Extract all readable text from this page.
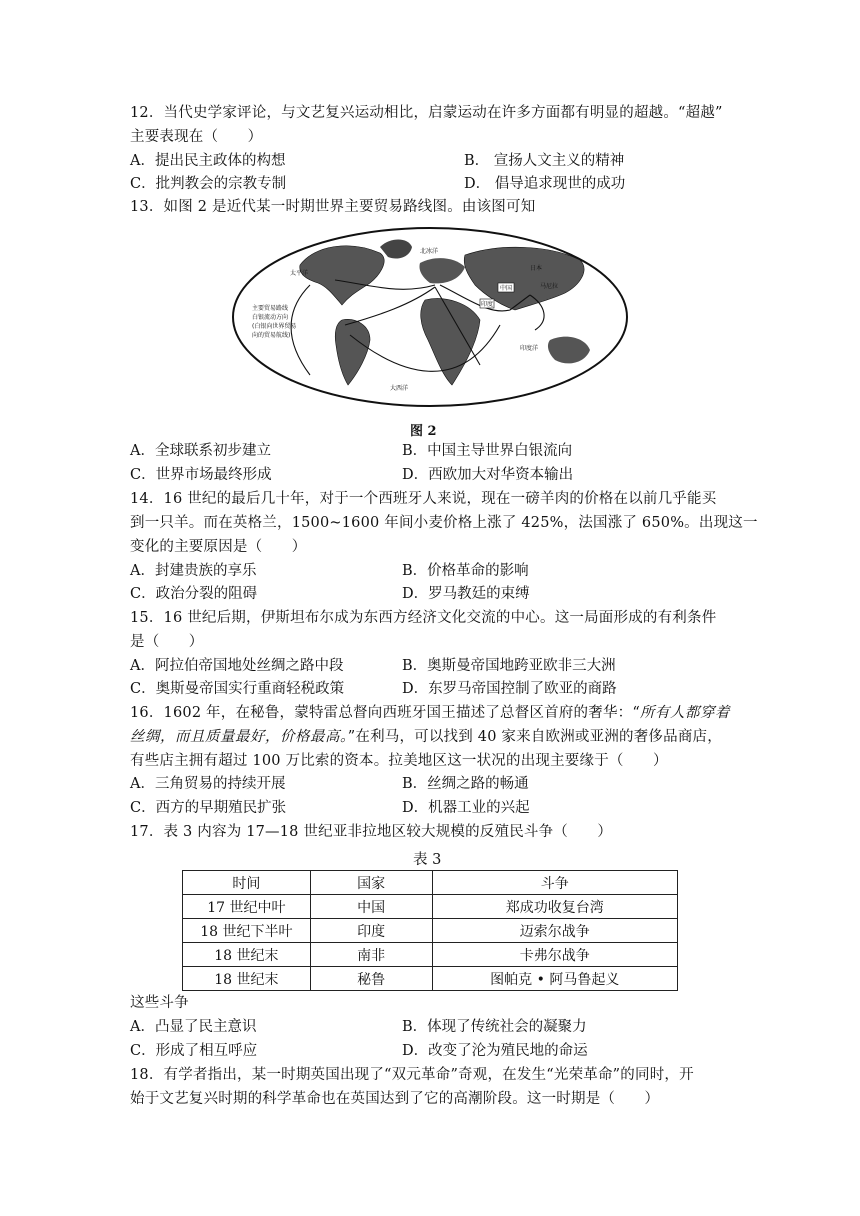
12．当代史学家评论，与文艺复兴运动相比，启蒙运动在许多方面都有明显的超越。“超越”
主要表现在（　　）
A．提出民主政体的构想	B． 宣扬人文主义的精神
C．批判教会的宗教专制	D． 倡导追求现世的成功
13．如图 2 是近代某一时期世界主要贸易路线图。由该图可知
中国
印度
太平洋
北冰洋
大西洋
印度洋
日本
马尼拉
主要贸易路线
白银流动方向
(白银向世界贸易
向的贸易航线)
图 2
A．全球联系初步建立	B．中国主导世界白银流向
C．世界市场最终形成	D．西欧加大对华资本输出
14．16 世纪的最后几十年，对于一个西班牙人来说，现在一磅羊肉的价格在以前几乎能买
到一只羊。而在英格兰，1500~1600 年间小麦价格上涨了 425%，法国涨了 650%。出现这一
变化的主要原因是（　　）
A．封建贵族的享乐	B．价格革命的影响
C．政治分裂的阻碍	D．罗马教廷的束缚
15．16 世纪后期，伊斯坦布尔成为东西方经济文化交流的中心。这一局面形成的有利条件
是（　　）
A．阿拉伯帝国地处丝绸之路中段	B．奥斯曼帝国地跨亚欧非三大洲
C．奥斯曼帝国实行重商轻税政策	D．东罗马帝国控制了欧亚的商路
16．1602 年，在秘鲁，蒙特雷总督向西班牙国王描述了总督区首府的奢华：“所有人都穿着
丝绸，而且质量最好，价格最高。”在利马，可以找到 40 家来自欧洲或亚洲的奢侈品商店，
有些店主拥有超过 100 万比索的资本。拉美地区这一状况的出现主要缘于（　　）
A．三角贸易的持续开展	B．丝绸之路的畅通
C．西方的早期殖民扩张	D．机器工业的兴起
17．表 3 内容为 17—18 世纪亚非拉地区较大规模的反殖民斗争（　　）
表 3
时间	国家	斗争
17 世纪中叶	中国	郑成功收复台湾
18 世纪下半叶	印度	迈索尔战争
18 世纪末	南非	卡弗尔战争
18 世纪末	秘鲁	图帕克 • 阿马鲁起义
这些斗争
A．凸显了民主意识	B．体现了传统社会的凝聚力
C．形成了相互呼应	D．改变了沦为殖民地的命运
18．有学者指出，某一时期英国出现了“双元革命”奇观，在发生“光荣革命”的同时，开
始于文艺复兴时期的科学革命也在英国达到了它的高潮阶段。这一时期是（　　）
